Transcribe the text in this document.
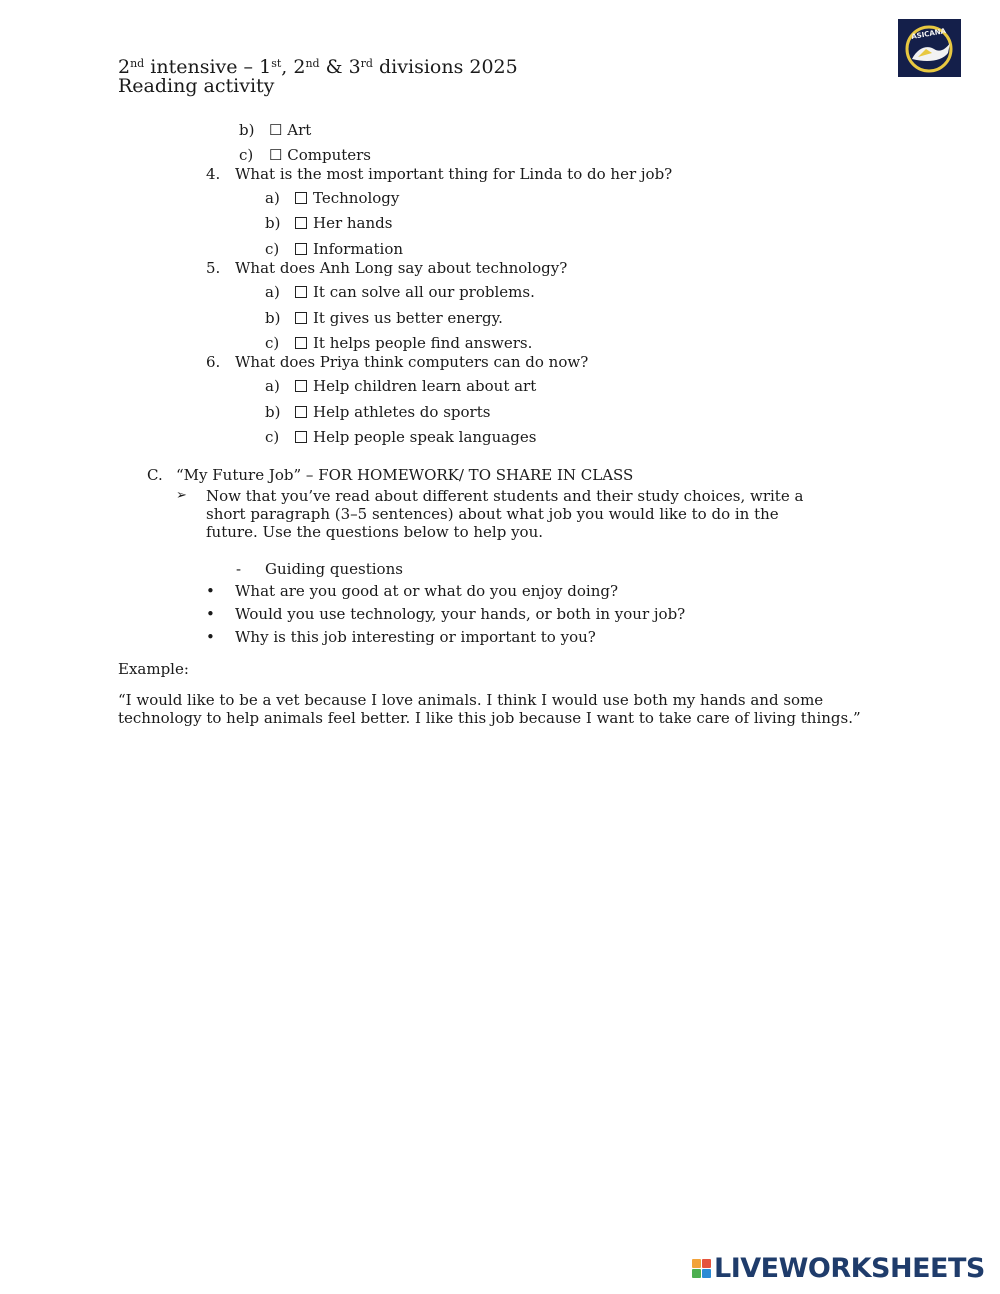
2nd intensive – 1st, 2nd & 3rd divisions 2025
Reading activity
ASICANA
b) ☐ Art
c) ☐ Computers
4. What is the most important thing for Linda to do her job?
a)	Technology
b)	Her hands
c)	Information
5. What does Anh Long say about technology?
a)	It can solve all our problems.
b)	It gives us better energy.
c)	It helps people find answers.
6. What does Priya think computers can do now?
a)	Help children learn about art
b)	Help athletes do sports
c)	Help people speak languages
C. “My Future Job” – FOR HOMEWORK/ TO SHARE IN CLASS
➢ Now that you’ve read about different students and their study choices, write a short paragraph (3–5 sentences) about what job you would like to do in the future. Use the questions below to help you.
- Guiding questions
• What are you good at or what do you enjoy doing?
• Would you use technology, your hands, or both in your job?
• Why is this job interesting or important to you?
Example:
“I would like to be a vet because I love animals. I think I would use both my hands and some technology to help animals feel better. I like this job because I want to take care of living things.”
LIVEWORKSHEETS
